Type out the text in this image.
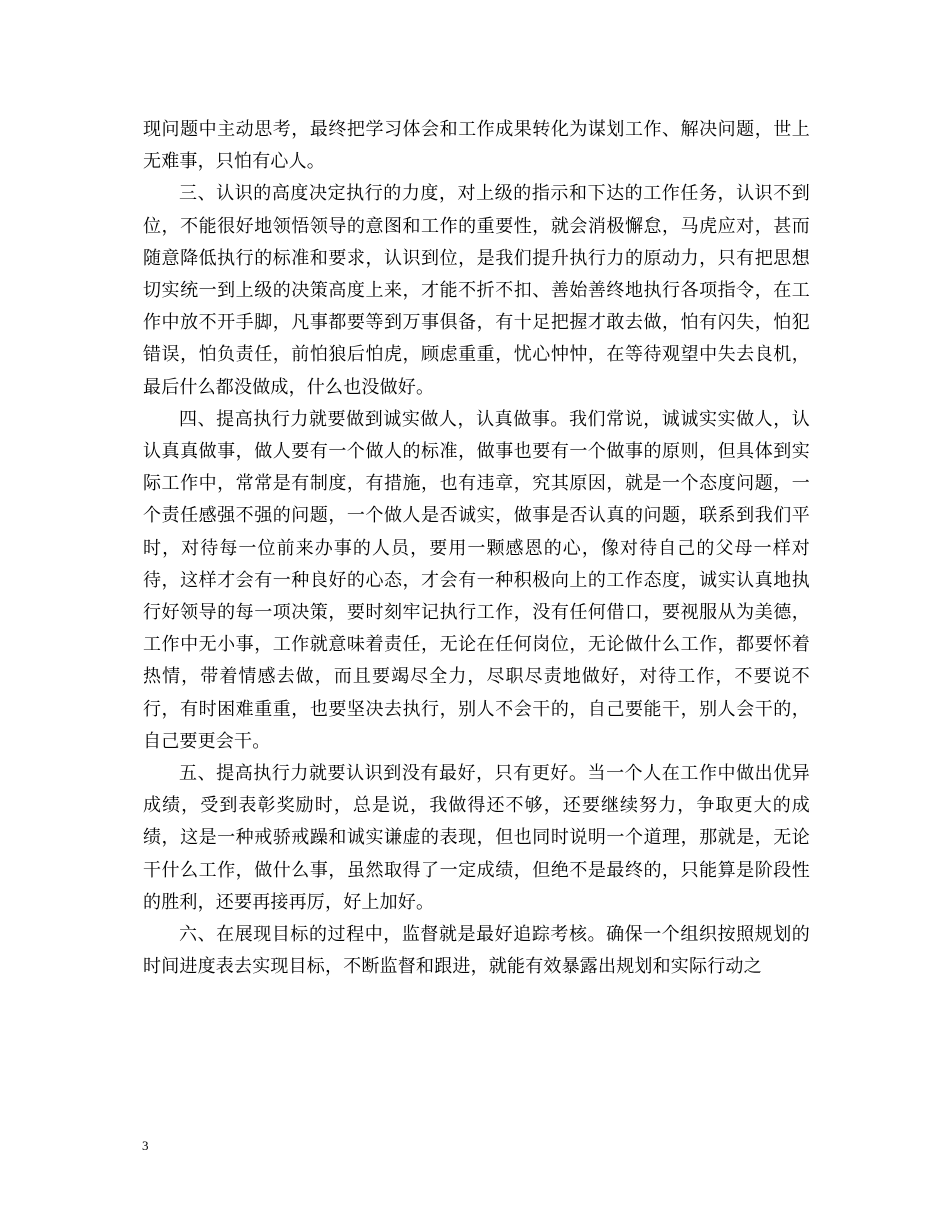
现问题中主动思考，最终把学习体会和工作成果转化为谋划工作、解决问题，世上无难事，只怕有心人。

三、认识的高度决定执行的力度，对上级的指示和下达的工作任务，认识不到位，不能很好地领悟领导的意图和工作的重要性，就会消极懈怠，马虎应对，甚而随意降低执行的标准和要求，认识到位，是我们提升执行力的原动力，只有把思想切实统一到上级的决策高度上来，才能不折不扣、善始善终地执行各项指令，在工作中放不开手脚，凡事都要等到万事俱备，有十足把握才敢去做，怕有闪失，怕犯错误，怕负责任，前怕狼后怕虎，顾虑重重，忧心忡忡，在等待观望中失去良机，最后什么都没做成，什么也没做好。

四、提高执行力就要做到诚实做人，认真做事。我们常说，诚诚实实做人，认认真真做事，做人要有一个做人的标准，做事也要有一个做事的原则，但具体到实际工作中，常常是有制度，有措施，也有违章，究其原因，就是一个态度问题，一个责任感强不强的问题，一个做人是否诚实，做事是否认真的问题，联系到我们平时，对待每一位前来办事的人员，要用一颗感恩的心，像对待自己的父母一样对待，这样才会有一种良好的心态，才会有一种积极向上的工作态度，诚实认真地执行好领导的每一项决策，要时刻牢记执行工作，没有任何借口，要视服从为美德，工作中无小事，工作就意味着责任，无论在任何岗位，无论做什么工作，都要怀着热情，带着情感去做，而且要竭尽全力，尽职尽责地做好，对待工作，不要说不行，有时困难重重，也要坚决去执行，别人不会干的，自己要能干，别人会干的，自己要更会干。

五、提高执行力就要认识到没有最好，只有更好。当一个人在工作中做出优异成绩，受到表彰奖励时，总是说，我做得还不够，还要继续努力，争取更大的成绩，这是一种戒骄戒躁和诚实谦虚的表现，但也同时说明一个道理，那就是，无论干什么工作，做什么事，虽然取得了一定成绩，但绝不是最终的，只能算是阶段性的胜利，还要再接再厉，好上加好。

六、在展现目标的过程中，监督就是最好追踪考核。确保一个组织按照规划的时间进度表去实现目标，不断监督和跟进，就能有效暴露出规划和实际行动之

3
